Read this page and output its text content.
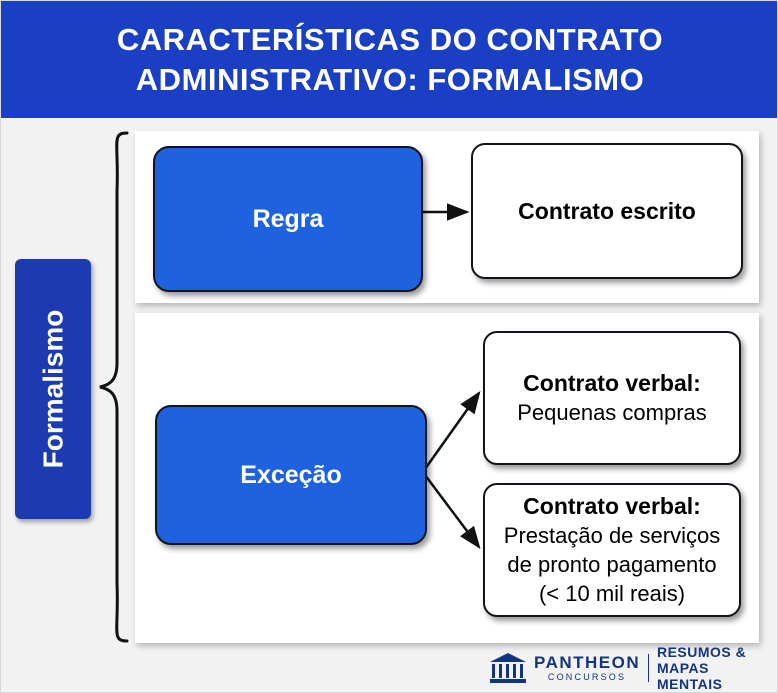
CARACTERÍSTICAS DO CONTRATO
ADMINISTRATIVO: FORMALISMO
Formalismo
Regra	Contrato escrito
Exceção
Contrato verbal:
Pequenas compras
Contrato verbal:
Prestação de serviços
de pronto pagamento
(< 10 mil reais)
PANTHEON
CONCURSOS
RESUMOS &
MAPAS MENTAIS
